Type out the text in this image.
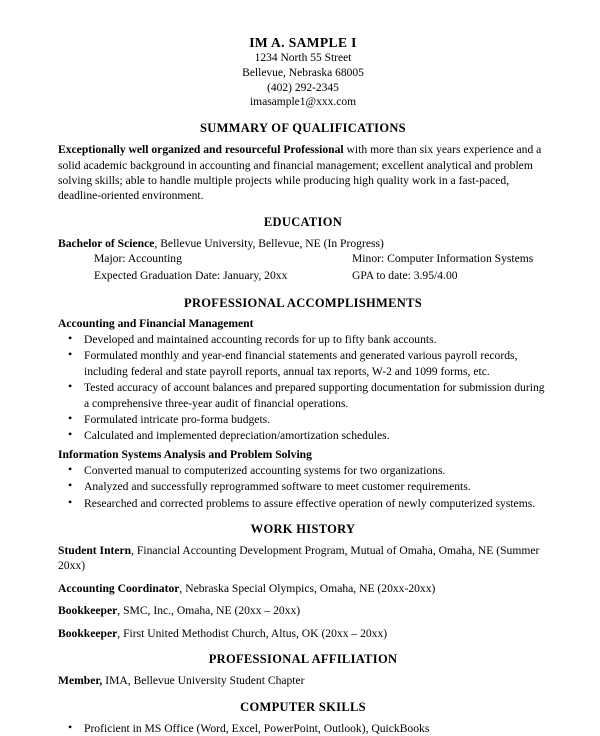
IM A. SAMPLE I
1234 North 55 Street
Bellevue, Nebraska 68005
(402) 292-2345
imasample1@xxx.com
SUMMARY OF QUALIFICATIONS
Exceptionally well organized and resourceful Professional with more than six years experience and a solid academic background in accounting and financial management; excellent analytical and problem solving skills; able to handle multiple projects while producing high quality work in a fast-paced, deadline-oriented environment.
EDUCATION
Bachelor of Science, Bellevue University, Bellevue, NE (In Progress)
Major: Accounting	Minor: Computer Information Systems
Expected Graduation Date: January, 20xx	GPA to date: 3.95/4.00
PROFESSIONAL ACCOMPLISHMENTS
Accounting and Financial Management
• Developed and maintained accounting records for up to fifty bank accounts.
• Formulated monthly and year-end financial statements and generated various payroll records, including federal and state payroll reports, annual tax reports, W-2 and 1099 forms, etc.
• Tested accuracy of account balances and prepared supporting documentation for submission during a comprehensive three-year audit of financial operations.
• Formulated intricate pro-forma budgets.
• Calculated and implemented depreciation/amortization schedules.
Information Systems Analysis and Problem Solving
• Converted manual to computerized accounting systems for two organizations.
• Analyzed and successfully reprogrammed software to meet customer requirements.
• Researched and corrected problems to assure effective operation of newly computerized systems.
WORK HISTORY
Student Intern, Financial Accounting Development Program, Mutual of Omaha, Omaha, NE (Summer 20xx)
Accounting Coordinator, Nebraska Special Olympics, Omaha, NE (20xx-20xx)
Bookkeeper, SMC, Inc., Omaha, NE (20xx – 20xx)
Bookkeeper, First United Methodist Church, Altus, OK (20xx – 20xx)
PROFESSIONAL AFFILIATION
Member, IMA, Bellevue University Student Chapter
COMPUTER SKILLS
• Proficient in MS Office (Word, Excel, PowerPoint, Outlook), QuickBooks
